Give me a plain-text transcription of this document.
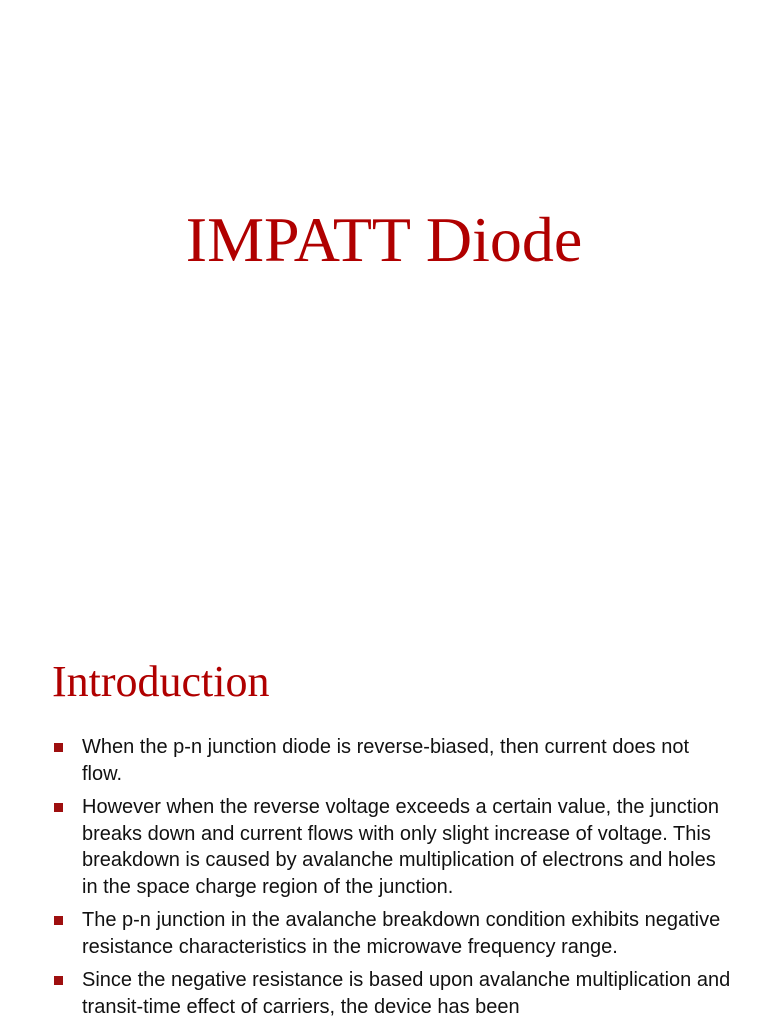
IMPATT Diode
Introduction
When the p-n junction diode is reverse-biased, then current does not flow.
However when the reverse voltage exceeds a certain value, the junction breaks down and current flows with only slight increase of voltage. This breakdown is caused by avalanche multiplication of electrons and holes in the space charge region of the junction.
The p-n junction in the avalanche breakdown condition exhibits negative resistance characteristics in the microwave frequency range.
Since the negative resistance is based upon avalanche multiplication and transit-time effect of carriers, the device has been
